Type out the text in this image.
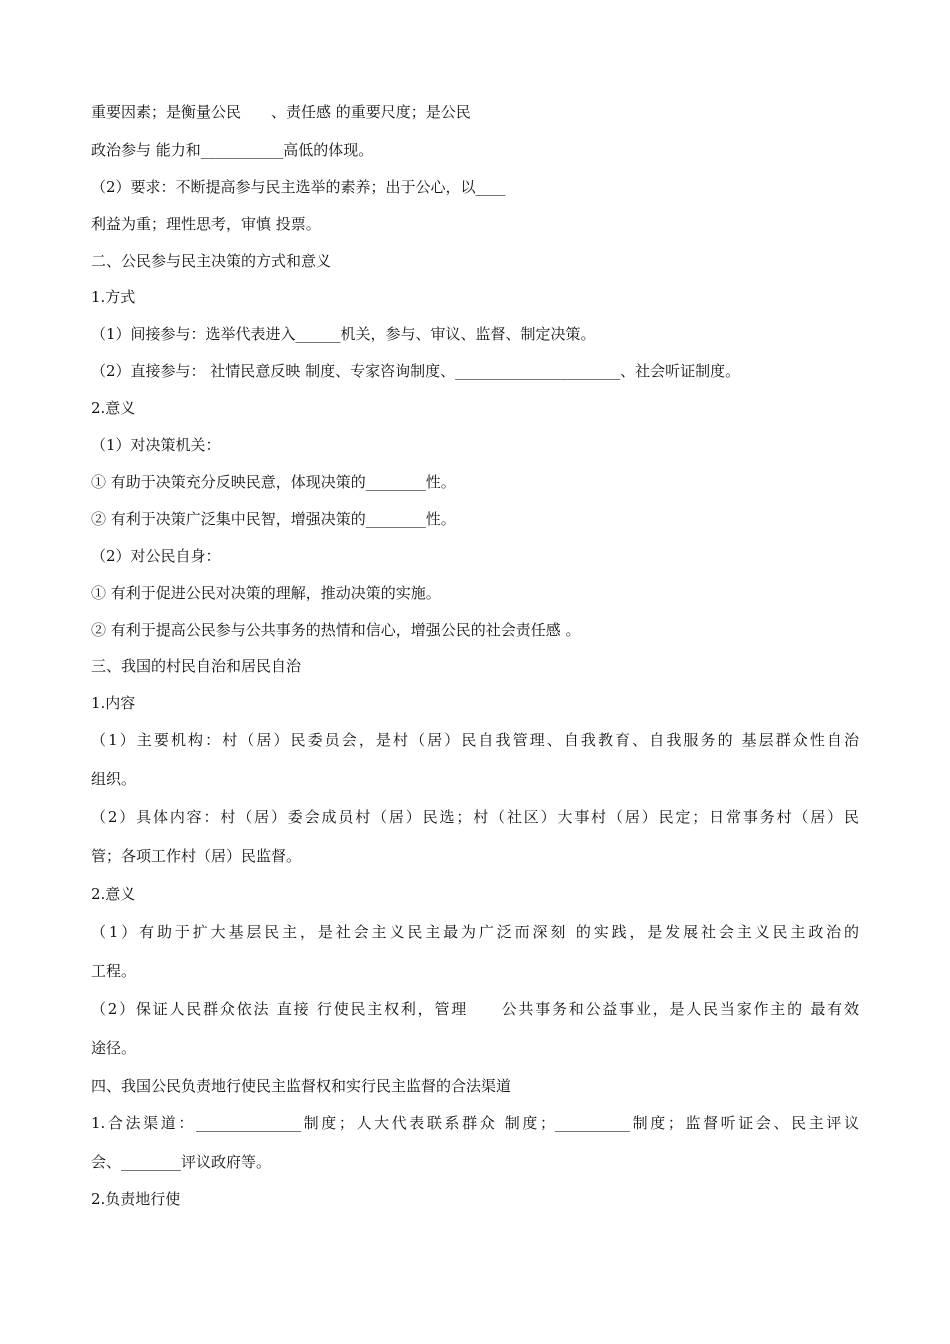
重要因素；是衡量公民　　、责任感 的重要尺度；是公民
政治参与 能力和___________高低的体现。
（2）要求：不断提高参与民主选举的素养；出于公心，以____
利益为重；理性思考，审慎 投票。
二、公民参与民主决策的方式和意义
1.方式
（1）间接参与：选举代表进入______机关，参与、审议、监督、制定决策。
（2）直接参与： 社情民意反映 制度、专家咨询制度、______________________、社会听证制度。
2.意义
（1）对决策机关：
① 有助于决策充分反映民意，体现决策的________性。
② 有利于决策广泛集中民智，增强决策的________性。
（2）对公民自身：
① 有利于促进公民对决策的理解，推动决策的实施。
② 有利于提高公民参与公共事务的热情和信心，增强公民的社会责任感 。
三、我国的村民自治和居民自治
1.内容
（1）主要机构：村（居）民委员会，是村（居）民自我管理、自我教育、自我服务的 基层群众性自治
组织。
（2）具体内容：村（居）委会成员村（居）民选；村（社区）大事村（居）民定；日常事务村（居）民
管；各项工作村（居）民监督。
2.意义
（1）有助于扩大基层民主，是社会主义民主最为广泛而深刻 的实践，是发展社会主义民主政治的
工程。
（2）保证人民群众依法 直接 行使民主权利，管理　　公共事务和公益事业，是人民当家作主的 最有效
途径。
四、我国公民负责地行使民主监督权和实行民主监督的合法渠道
1.合法渠道：______________制度；人大代表联系群众 制度；__________制度；监督听证会、民主评议
会、________评议政府等。
2.负责地行使
